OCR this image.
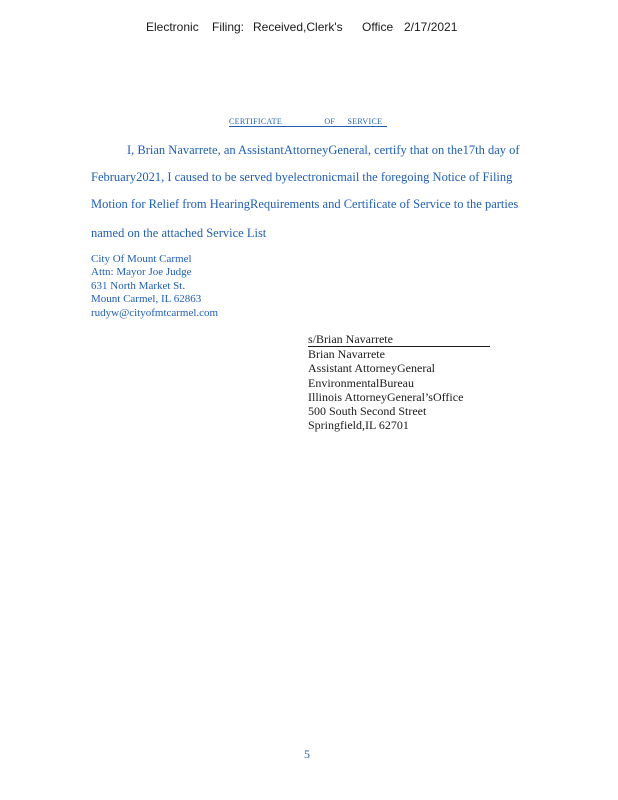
Electronic Filing: Received,Clerk's Office 2/17/2021
CERTIFICATE	OF SERVICE
I, Brian Navarrete, an AssistantAttorneyGeneral, certify that on the17th day of
February2021, I caused to be served byelectronicmail the foregoing Notice of Filing
Motion for Relief from HearingRequirements and Certificate of Service to the parties
named on the attached Service List
City Of Mount Carmel
Attn: Mayor Joe Judge
631 North Market St.
Mount Carmel, IL 62863
rudyw@cityofmtcarmel.com
s/Brian Navarrete
Brian Navarrete
Assistant AttorneyGeneral
EnvironmentalBureau
Illinois AttorneyGeneral’sOffice
500 South Second Street
Springfield,IL 62701
5
